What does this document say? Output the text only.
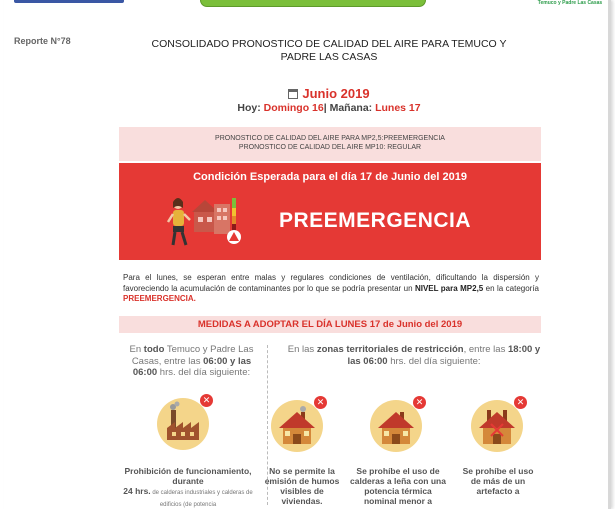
Temuco y Padre Las Casas
Reporte N°78	CONSOLIDADO PRONOSTICO DE CALIDAD DEL AIRE PARA TEMUCO Y
PADRE LAS CASAS
Junio 2019
Hoy: Domingo 16| Mañana: Lunes 17
PRONOSTICO DE CALIDAD DEL AIRE PARA MP2,5:PREEMERGENCIA
PRONOSTICO DE CALIDAD DEL AIRE MP10: REGULAR
Condición Esperada para el día 17 de Junio del 2019
PREEMERGENCIA
Para el lunes, se esperan entre malas y regulares condiciones de ventilación, dificultando la dispersión y favoreciendo la acumulación de contaminantes por lo que se podría presentar un NIVEL para MP2,5 en la categoría PREEMERGENCIA.
MEDIDAS A ADOPTAR EL DÍA LUNES 17 de Junio del 2019
En todo Temuco y Padre Las Casas, entre las 06:00 y las 06:00 hrs. del día siguiente:
En las zonas territoriales de restricción, entre las 18:00 y las 06:00 hrs. del día siguiente:
✕	✕	✕	✕
Prohibición de funcionamiento, durante
24 hrs. de calderas industriales y calderas de edificios (de potencia
No se permite la emisión de humos visibles de viviendas.
Se prohíbe el uso de calderas a leña con una potencia térmica nominal menor a
Se prohíbe el uso de más de un artefacto a
